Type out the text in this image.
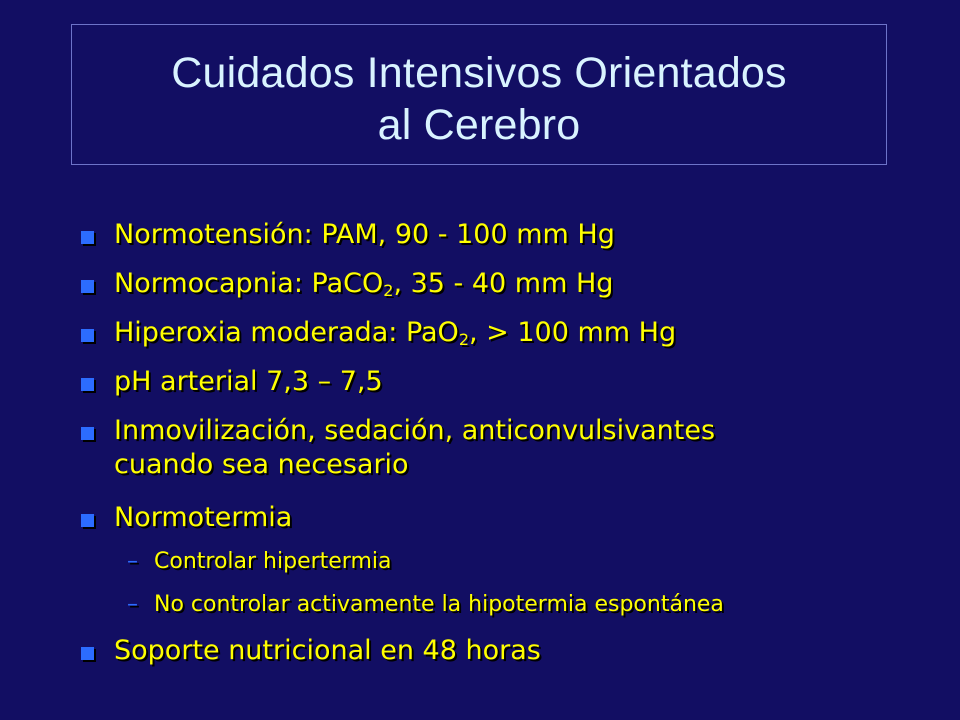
Cuidados Intensivos Orientados
al Cerebro
Normotensión: PAM, 90 - 100 mm Hg
Normocapnia: PaCO$_2$, 35 - 40 mm Hg
Hiperoxia moderada: PaO$_2$, > 100 mm Hg
pH arterial 7,3 – 7,5
Inmovilización, sedación, anticonvulsivantes
cuando sea necesario
Normotermia
– Controlar hipertermia
– No controlar activamente la hipotermia espontánea
Soporte nutricional en 48 horas
